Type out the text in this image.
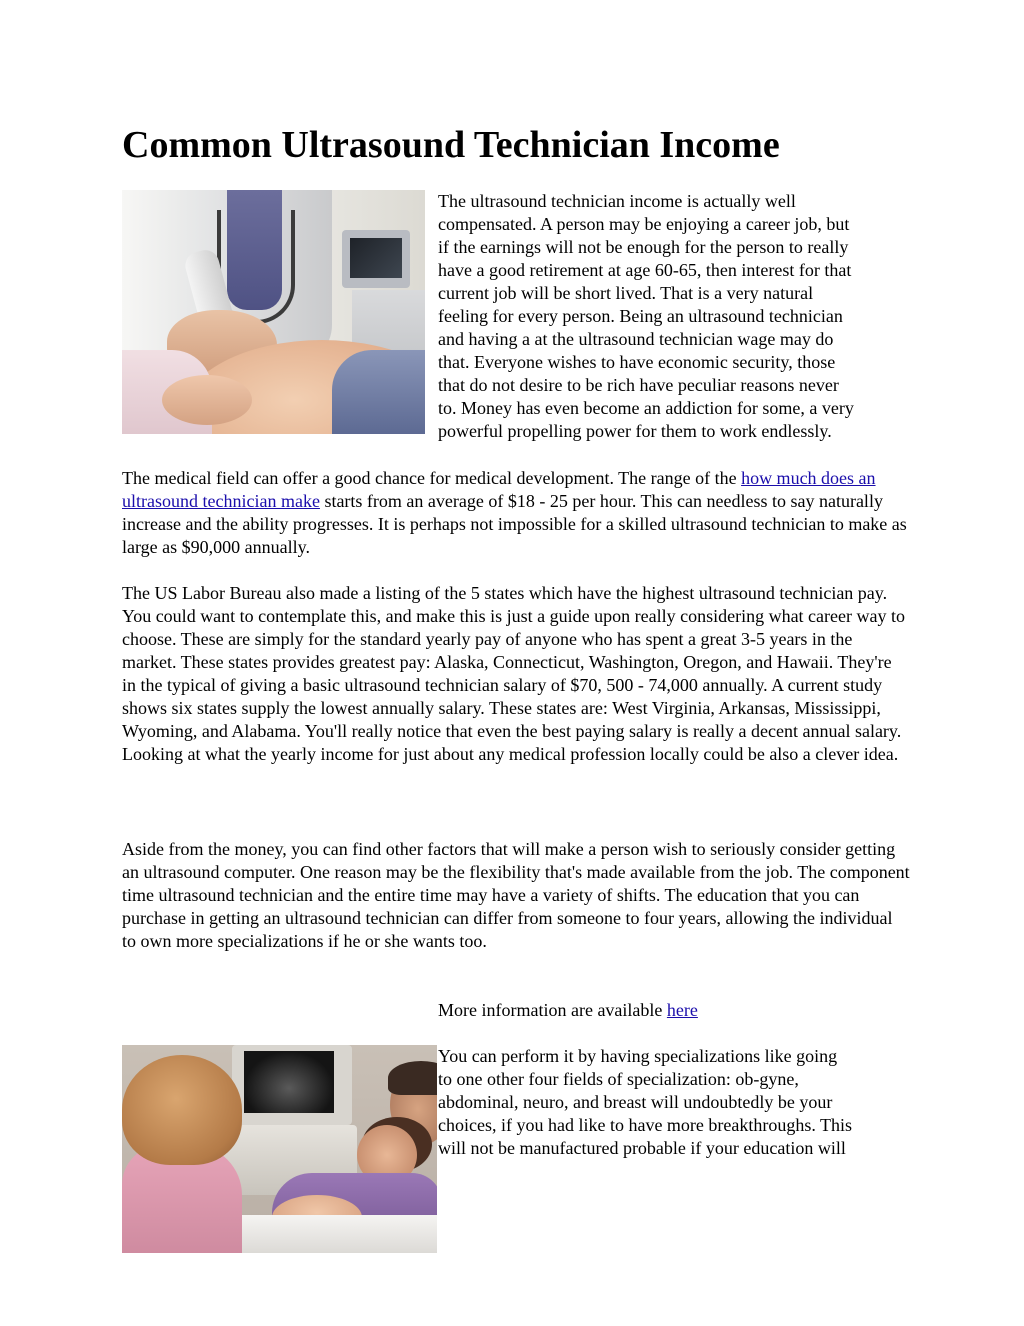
Common Ultrasound Technician Income
The ultrasound technician income is actually well
compensated. A person may be enjoying a career job, but
if the earnings will not be enough for the person to really
have a good retirement at age 60-65, then interest for that
current job will be short lived. That is a very natural
feeling for every person. Being an ultrasound technician
and having a at the ultrasound technician wage may do
that. Everyone wishes to have economic security, those
that do not desire to be rich have peculiar reasons never
to. Money has even become an addiction for some, a very
powerful propelling power for them to work endlessly.

The medical field can offer a good chance for medical development. The range of the how much does an ultrasound technician make starts from an average of $18 - 25 per hour. This can needless to say naturally increase and the ability progresses. It is perhaps not impossible for a skilled ultrasound technician to make as large as $90,000 annually.

The US Labor Bureau also made a listing of the 5 states which have the highest ultrasound technician pay. You could want to contemplate this, and make this is just a guide upon really considering what career way to choose. These are simply for the standard yearly pay of anyone who has spent a great 3-5 years in the market. These states provides greatest pay: Alaska, Connecticut, Washington, Oregon, and Hawaii. They're in the typical of giving a basic ultrasound technician salary of $70, 500 - 74,000 annually. A current study shows six states supply the lowest annually salary. These states are: West Virginia, Arkansas, Mississippi, Wyoming, and Alabama. You'll really notice that even the best paying salary is really a decent annual salary. Looking at what the yearly income for just about any medical profession locally could be also a clever idea.

Aside from the money, you can find other factors that will make a person wish to seriously consider getting an ultrasound computer. One reason may be the flexibility that's made available from the job. The component time ultrasound technician and the entire time may have a variety of shifts. The education that you can purchase in getting an ultrasound technician can differ from someone to four years, allowing the individual to own more specializations if he or she wants too.

More information are available here
You can perform it by having specializations like going
to one other four fields of specialization: ob-gyne,
abdominal, neuro, and breast will undoubtedly be your
choices, if you had like to have more breakthroughs. This
will not be manufactured probable if your education will
